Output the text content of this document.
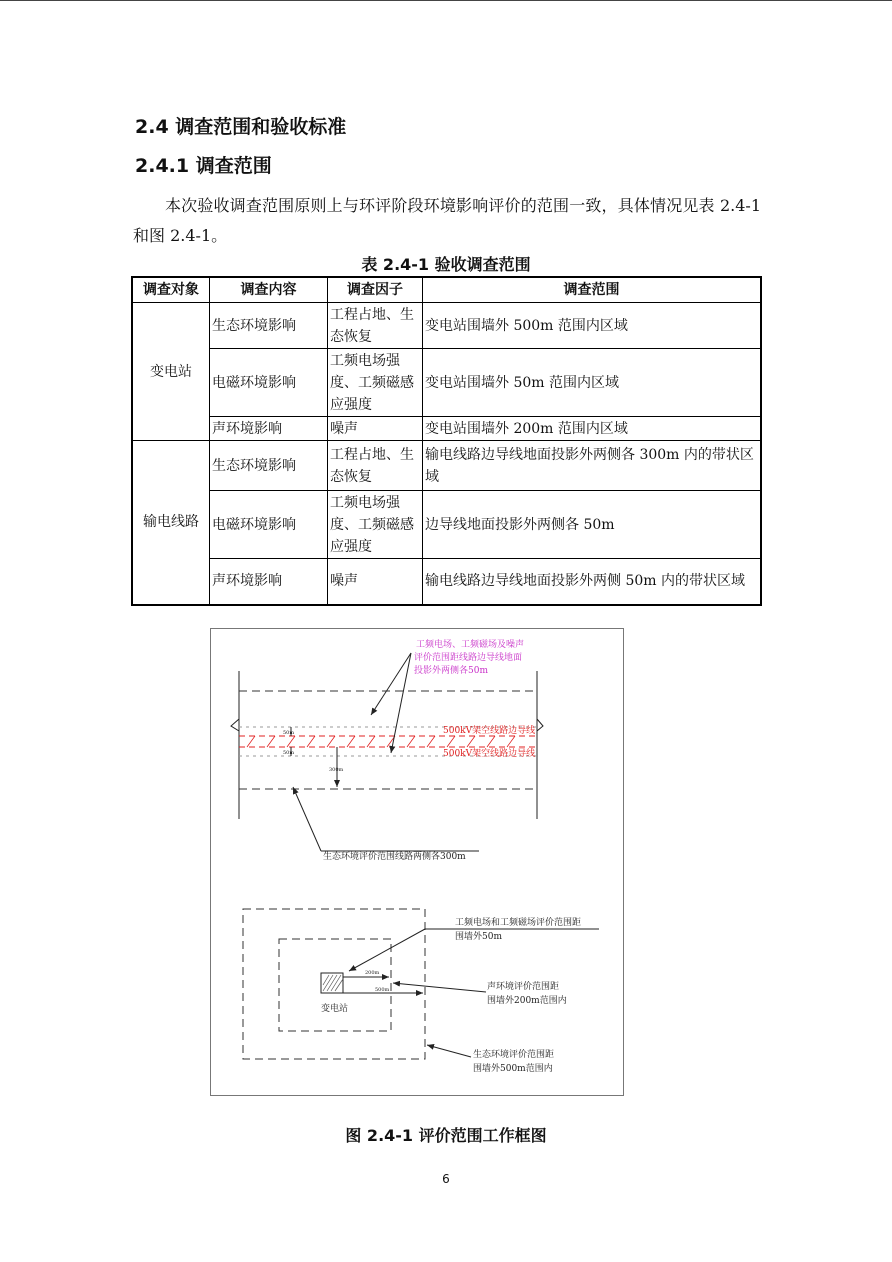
2.4 调查范围和验收标准
2.4.1 调查范围
本次验收调查范围原则上与环评阶段环境影响评价的范围一致，具体情况见表 2.4-1 和图 2.4-1。
表 2.4-1 验收调查范围
调查对象	调查内容	调查因子	调查范围
变电站	生态环境影响	工程占地、生态恢复	变电站围墙外 500m 范围内区域
	电磁环境影响	工频电场强度、工频磁感应强度	变电站围墙外 50m 范围内区域
	声环境影响	噪声	变电站围墙外 200m 范围内区域
输电线路	生态环境影响	工程占地、生态恢复	输电线路边导线地面投影外两侧各 300m 内的带状区域
	电磁环境影响	工频电场强度、工频磁感应强度	边导线地面投影外两侧各 50m
	声环境影响	噪声	输电线路边导线地面投影外两侧 50m 内的带状区域
50m
50m
300m
工频电场、工频磁场及噪声
评价范围距线路边导线地面
投影外两侧各50m
500kV架空线路边导线
500kV架空线路边导线
生态环境评价范围线路两侧各300m
变电站
200m
500m
工频电场和工频磁场评价范围距
围墙外50m
声环境评价范围距
围墙外200m范围内
生态环境评价范围距
围墙外500m范围内
图 2.4-1 评价范围工作框图
6
